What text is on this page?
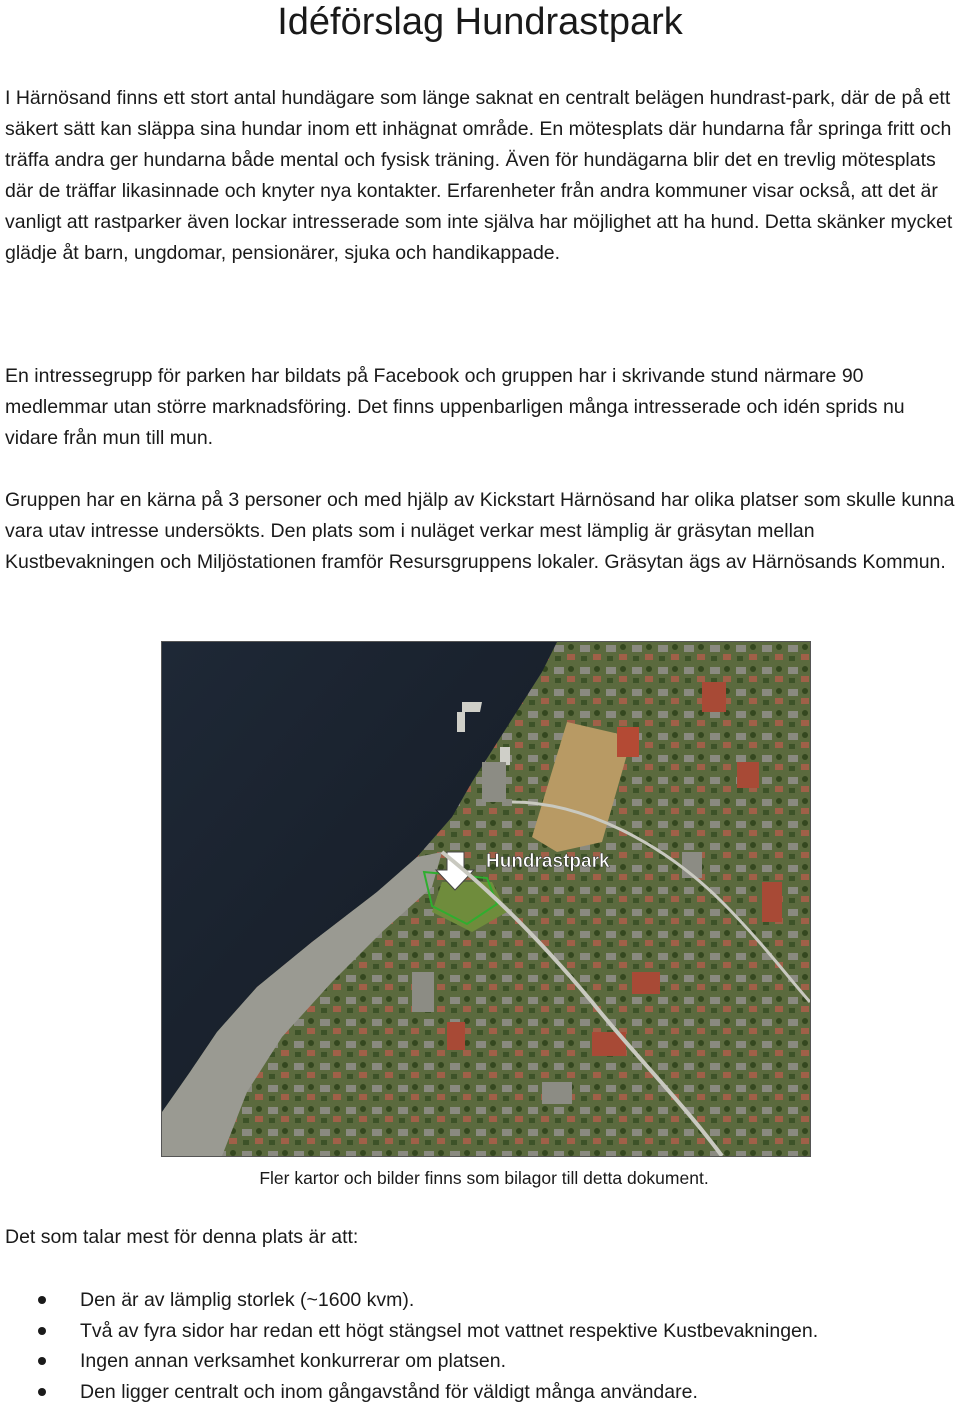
Idéförslag Hundrastpark

I Härnösand finns ett stort antal hundägare som länge saknat en centralt belägen hundrast-park, där de på ett säkert sätt kan släppa sina hundar inom ett inhägnat område. En mötesplats där hundarna får springa fritt och träffa andra ger hundarna både mental och fysisk träning. Även för hundägarna blir det en trevlig mötesplats där de träffar likasinnade och knyter nya kontakter. Erfarenheter från andra kommuner visar också, att det är vanligt att rastparker även lockar intresserade som inte själva har möjlighet att ha hund. Detta skänker mycket glädje åt barn, ungdomar, pensionärer, sjuka och handikappade.

En intressegrupp för parken har bildats på Facebook och gruppen har i skrivande stund närmare 90 medlemmar utan större marknadsföring. Det finns uppenbarligen många intresserade och idén sprids nu vidare från mun till mun.

Gruppen har en kärna på 3 personer och med hjälp av Kickstart Härnösand har olika platser som skulle kunna vara utav intresse undersökts. Den plats som i nuläget verkar mest lämplig är gräsytan mellan Kustbevakningen och Miljöstationen framför Resursgruppens lokaler. Gräsytan ägs av Härnösands Kommun.

Hundrastpark

Fler kartor och bilder finns som bilagor till detta dokument.

Det som talar mest för denna plats är att:

Den är av lämplig storlek (~1600 kvm).
Två av fyra sidor har redan ett högt stängsel mot vattnet respektive Kustbevakningen.
Ingen annan verksamhet konkurrerar om platsen.
Den ligger centralt och inom gångavstånd för väldigt många användare.
